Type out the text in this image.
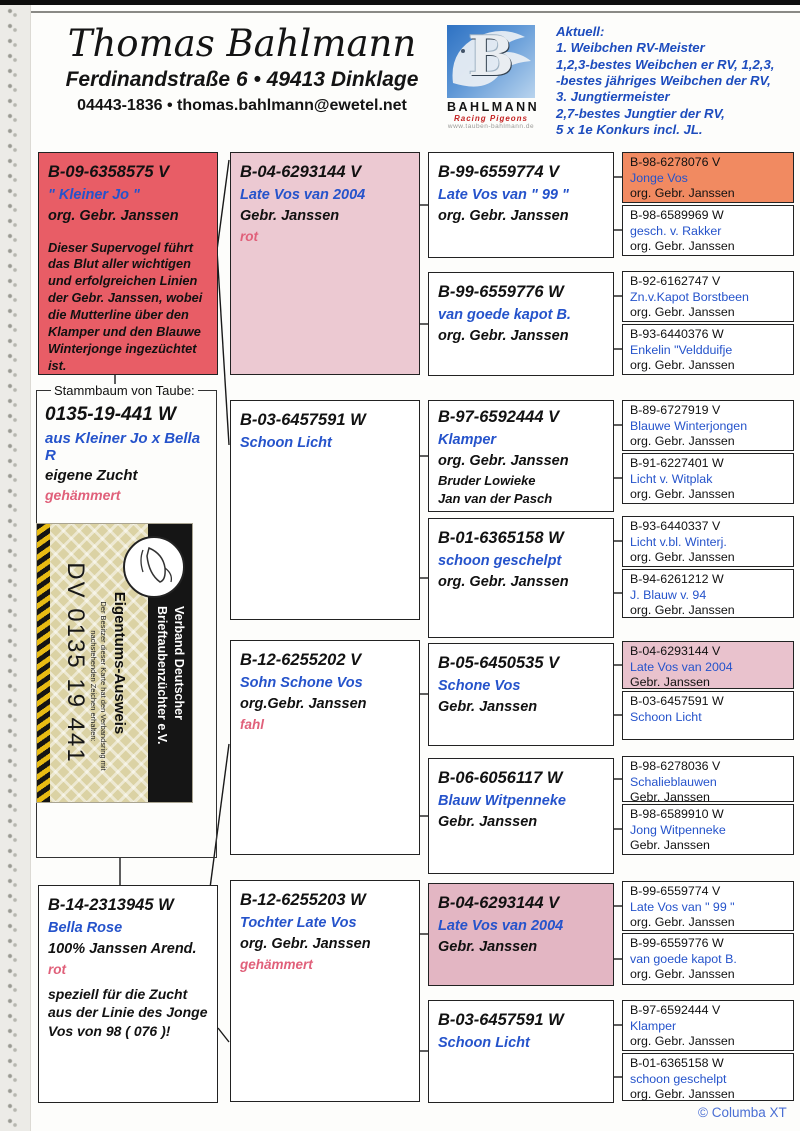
Thomas Bahlmann
Ferdinandstraße 6 • 49413 Dinklage
04443-1836 • thomas.bahlmann@ewetel.net
B
BAHLMANN
Racing Pigeons
www.tauben-bahlmann.de
Aktuell:
1. Weibchen RV-Meister
1,2,3-bestes Weibchen er RV, 1,2,3,
-bestes jähriges Weibchen der RV,
3. Jungtiermeister
2,7-bestes Jungtier der RV,
5 x 1e Konkurs incl. JL.
B-09-6358575 V
" Kleiner Jo "
org. Gebr. Janssen
Dieser Supervogel führt das Blut aller wichtigen und erfolgreichen Linien der Gebr. Janssen, wobei die Mutterline über den Klamper und den Blauwe Winterjonge ingezüchtet ist.
Stammbaum von Taube:
0135-19-441 W
aus Kleiner Jo x Bella R
eigene Zucht
gehämmert
Verband Deutscher
Brieftaubenzüchter e.V.
Eigentums-Ausweis
Der Besitzer dieser Karte hat den Verbandsring mit nachstehenden Zeichen erhalten:
DV 0135 19 441
B-14-2313945 W
Bella Rose
100% Janssen Arend.
rot
speziell für die Zucht aus der Linie des Jonge Vos von 98 ( 076 )!
B-04-6293144 V
Late Vos van 2004
Gebr. Janssen
rot
B-03-6457591 W
Schoon Licht
B-12-6255202 V
Sohn Schone Vos
org.Gebr. Janssen
fahl
B-12-6255203 W
Tochter Late Vos
org. Gebr. Janssen
gehämmert
B-99-6559774 V
Late Vos van " 99 "
org. Gebr. Janssen
B-99-6559776 W
van goede kapot B.
org. Gebr. Janssen
B-97-6592444 V
Klamper
org. Gebr. Janssen
Bruder Lowieke
Jan van der Pasch
B-01-6365158 W
schoon geschelpt
org. Gebr. Janssen
B-05-6450535 V
Schone Vos
Gebr. Janssen
B-06-6056117 W
Blauw Witpenneke
Gebr. Janssen
B-04-6293144 V
Late Vos van 2004
Gebr. Janssen
B-03-6457591 W
Schoon Licht
B-98-6278076 V
Jonge Vos
org. Gebr. Janssen
B-98-6589969 W
gesch. v. Rakker
org. Gebr. Janssen
B-92-6162747 V
Zn.v.Kapot Borstbeen
org. Gebr. Janssen
B-93-6440376 W
Enkelin "Veldduifje
org. Gebr. Janssen
B-89-6727919 V
Blauwe Winterjongen
org. Gebr. Janssen
B-91-6227401 W
Licht v. Witplak
org. Gebr. Janssen
B-93-6440337 V
Licht v.bl. Winterj.
org. Gebr. Janssen
B-94-6261212 W
J. Blauw v. 94
org. Gebr. Janssen
B-04-6293144 V
Late Vos van 2004
Gebr. Janssen
B-03-6457591 W
Schoon Licht
B-98-6278036 V
Schalieblauwen
Gebr. Janssen
B-98-6589910 W
Jong Witpenneke
Gebr. Janssen
B-99-6559774 V
Late Vos van " 99 "
org. Gebr. Janssen
B-99-6559776 W
van goede kapot B.
org. Gebr. Janssen
B-97-6592444 V
Klamper
org. Gebr. Janssen
B-01-6365158 W
schoon geschelpt
org. Gebr. Janssen
© Columba XT
